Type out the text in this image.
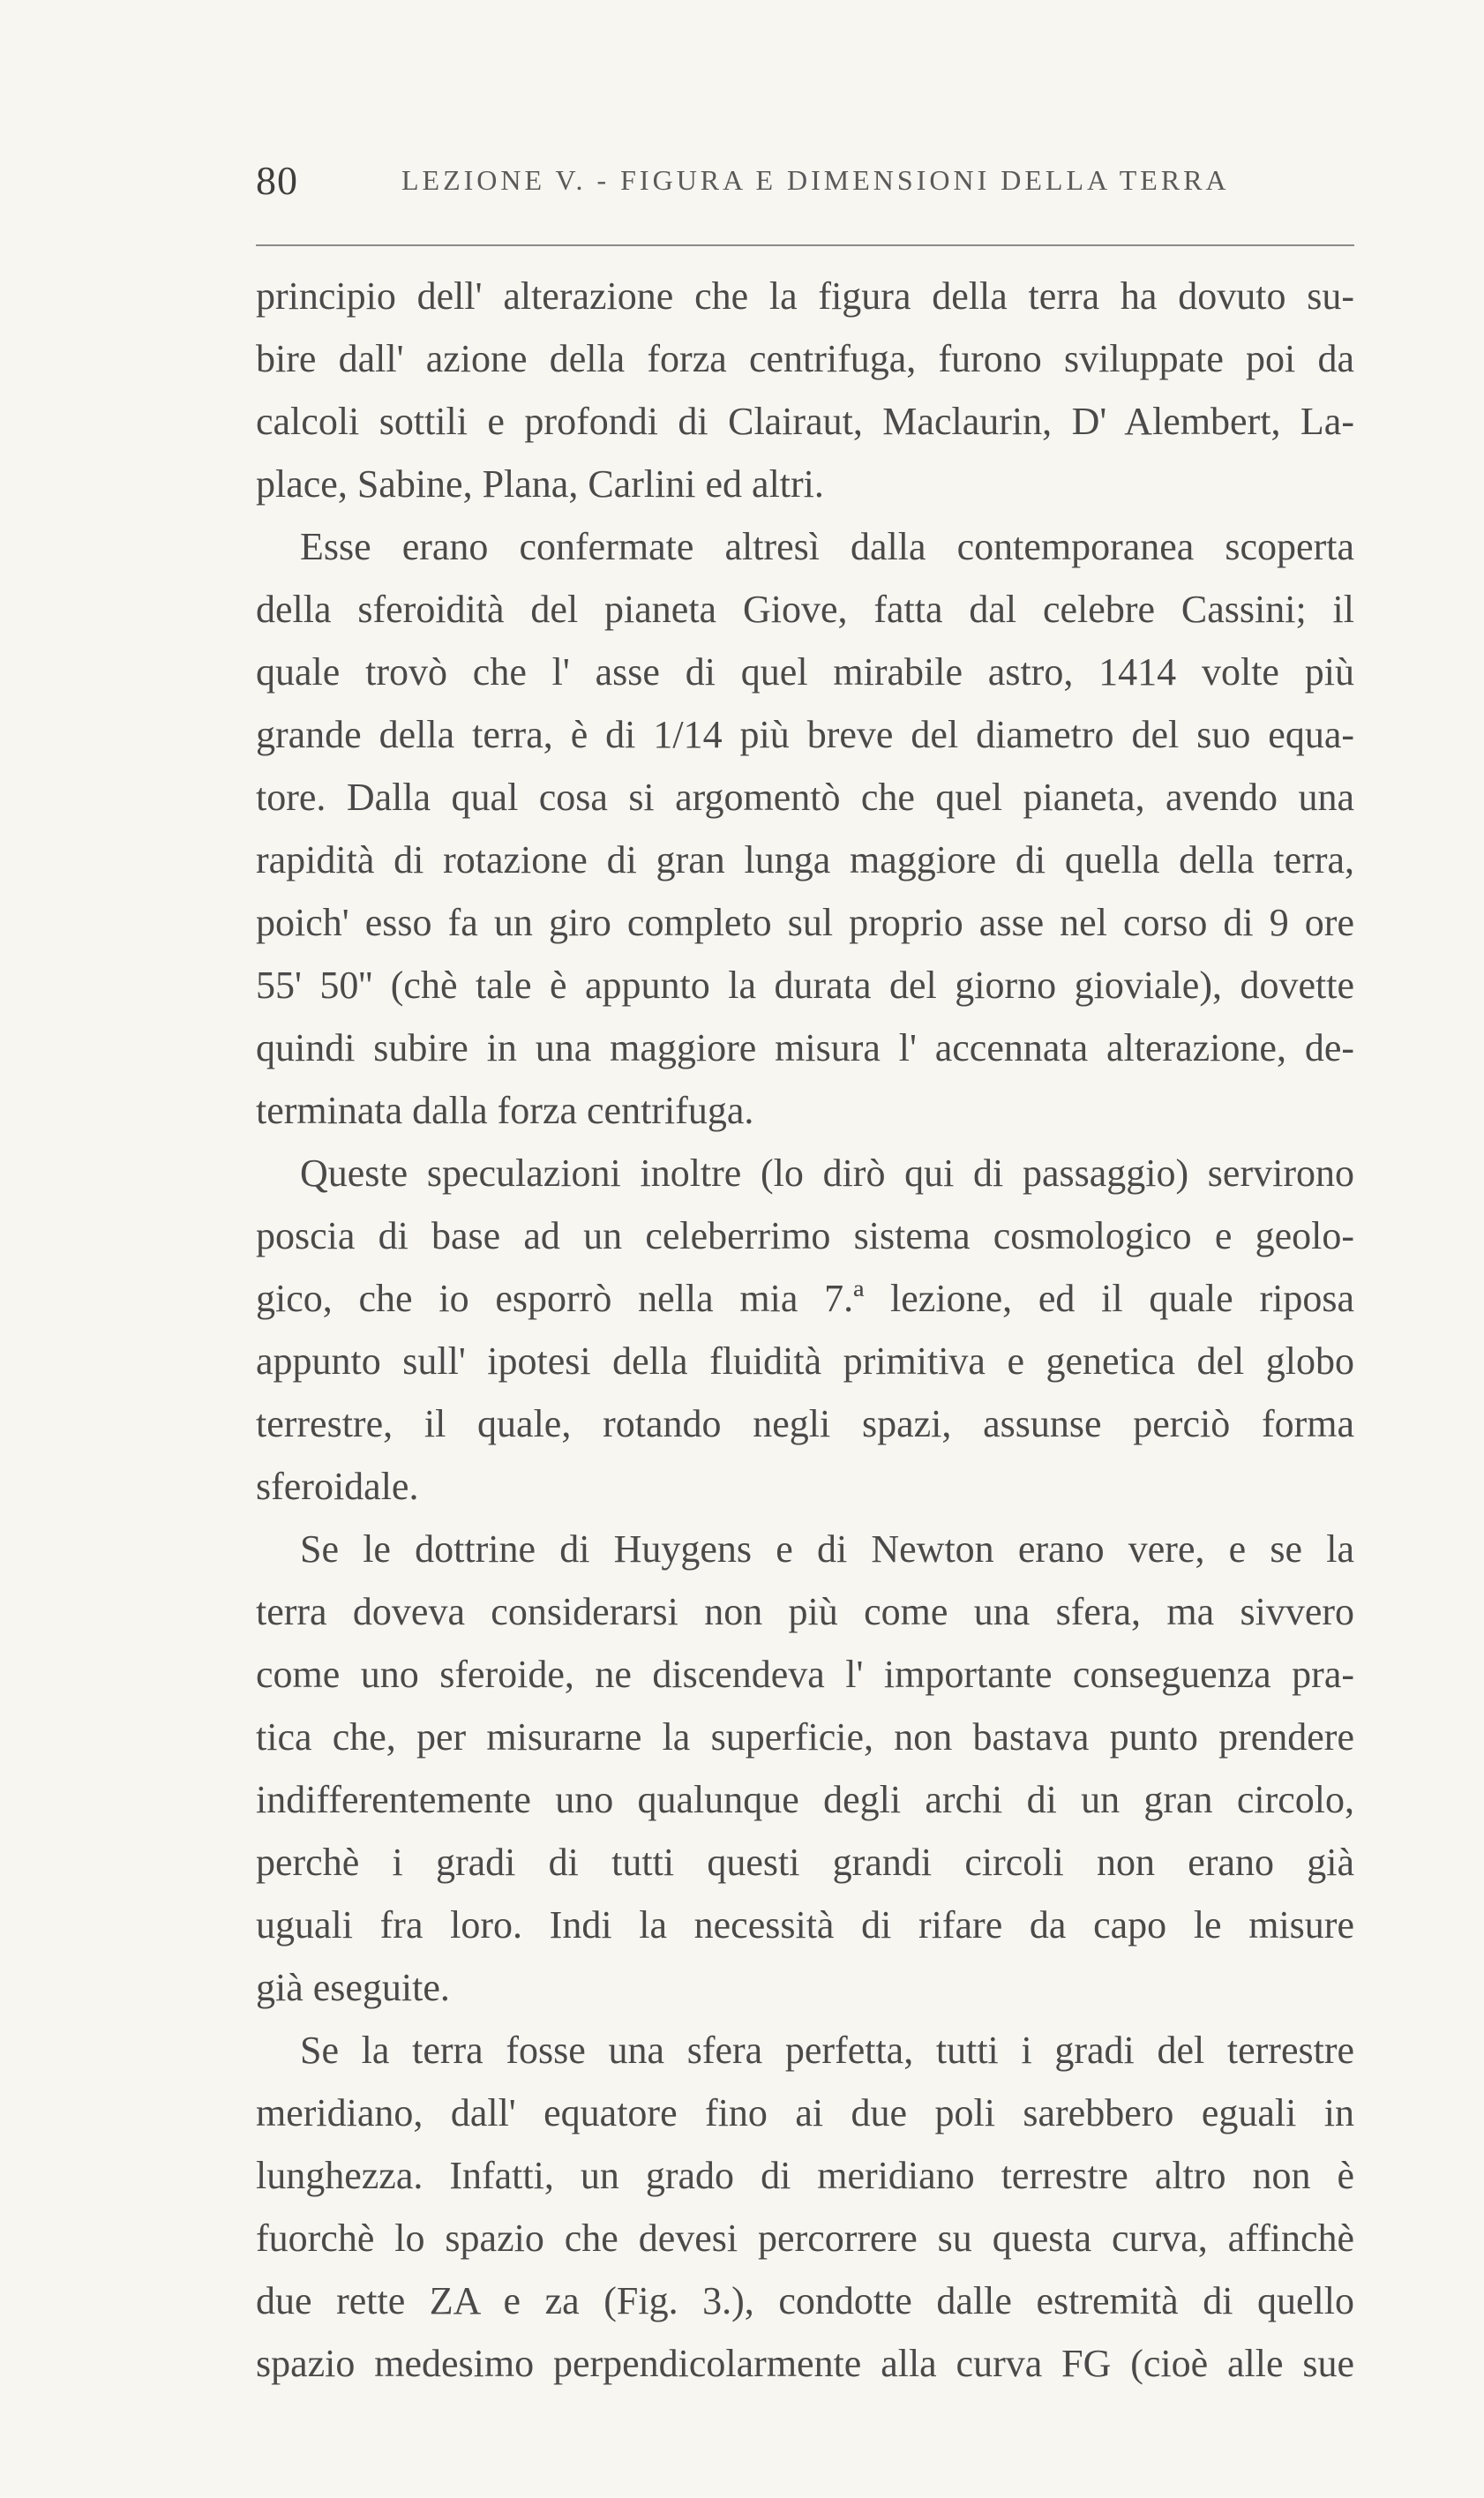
80	LEZIONE V. - FIGURA E DIMENSIONI DELLA TERRA
principio dell' alterazione che la figura della terra ha dovuto su-
bire dall' azione della forza centrifuga, furono sviluppate poi da
calcoli sottili e profondi di Clairaut, Maclaurin, D' Alembert, La-
place, Sabine, Plana, Carlini ed altri.
Esse erano confermate altresì dalla contemporanea scoperta
della sferoidità del pianeta Giove, fatta dal celebre Cassini; il
quale trovò che l' asse di quel mirabile astro, 1414 volte più
grande della terra, è di 1/14 più breve del diametro del suo equa-
tore. Dalla qual cosa si argomentò che quel pianeta, avendo una
rapidità di rotazione di gran lunga maggiore di quella della terra,
poich' esso fa un giro completo sul proprio asse nel corso di 9 ore
55' 50'' (chè tale è appunto la durata del giorno gioviale), dovette
quindi subire in una maggiore misura l' accennata alterazione, de-
terminata dalla forza centrifuga.
Queste speculazioni inoltre (lo dirò qui di passaggio) servirono
poscia di base ad un celeberrimo sistema cosmologico e geolo-
gico, che io esporrò nella mia 7.ª lezione, ed il quale riposa
appunto sull' ipotesi della fluidità primitiva e genetica del globo
terrestre, il quale, rotando negli spazi, assunse perciò forma
sferoidale.
Se le dottrine di Huygens e di Newton erano vere, e se la
terra doveva considerarsi non più come una sfera, ma sivvero
come uno sferoide, ne discendeva l' importante conseguenza pra-
tica che, per misurarne la superficie, non bastava punto prendere
indifferentemente uno qualunque degli archi di un gran circolo,
perchè i gradi di tutti questi grandi circoli non erano già
uguali fra loro. Indi la necessità di rifare da capo le misure
già eseguite.
Se la terra fosse una sfera perfetta, tutti i gradi del terrestre
meridiano, dall' equatore fino ai due poli sarebbero eguali in
lunghezza. Infatti, un grado di meridiano terrestre altro non è
fuorchè lo spazio che devesi percorrere su questa curva, affinchè
due rette ZA e za (Fig. 3.), condotte dalle estremità di quello
spazio medesimo perpendicolarmente alla curva FG (cioè alle sue
